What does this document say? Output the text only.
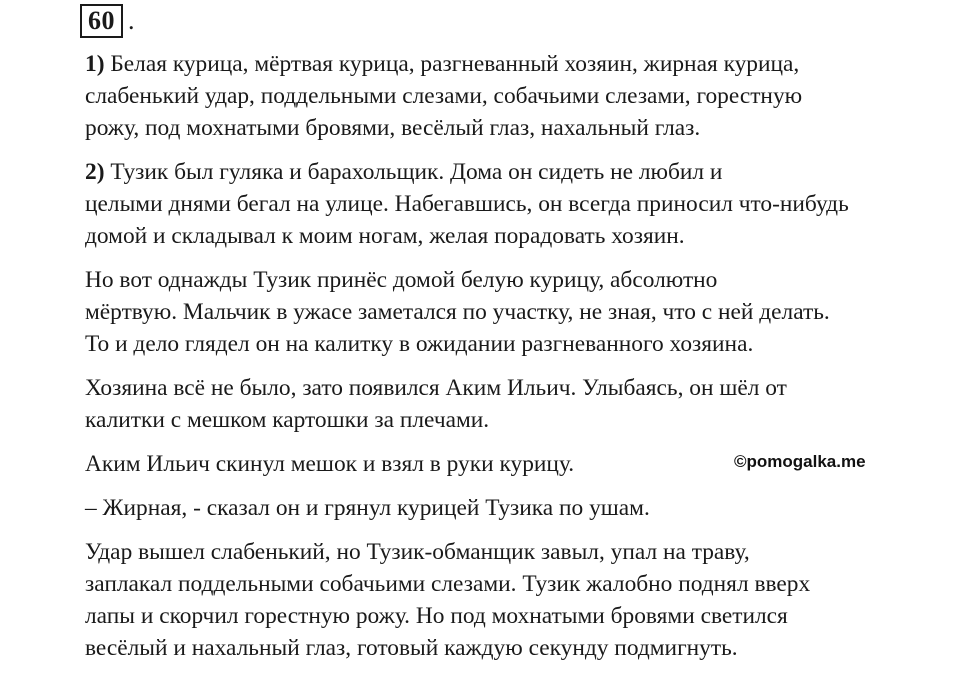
60 .

1) Белая курица, мёртвая курица, разгневанный хозяин, жирная курица,
слабенький удар, поддельными слезами, собачьими слезами, горестную
рожу, под мохнатыми бровями, весёлый глаз, нахальный глаз.

2) Тузик был гуляка и барахольщик. Дома он сидеть не любил и
целыми днями бегал на улице. Набегавшись, он всегда приносил что-нибудь
домой и складывал к моим ногам, желая порадовать хозяин.

Но вот однажды Тузик принёс домой белую курицу, абсолютно
мёртвую. Мальчик в ужасе заметался по участку, не зная, что с ней делать.
То и дело глядел он на калитку в ожидании разгневанного хозяина.

Хозяина всё не было, зато появился Аким Ильич. Улыбаясь, он шёл от
калитки с мешком картошки за плечами.

Аким Ильич скинул мешок и взял в руки курицу.

– Жирная, - сказал он и грянул курицей Тузика по ушам.

Удар вышел слабенький, но Тузик-обманщик завыл, упал на траву,
заплакал поддельными собачьими слезами. Тузик жалобно поднял вверх
лапы и скорчил горестную рожу. Но под мохнатыми бровями светился
весёлый и нахальный глаз, готовый каждую секунду подмигнуть.

©pomogalka.me
